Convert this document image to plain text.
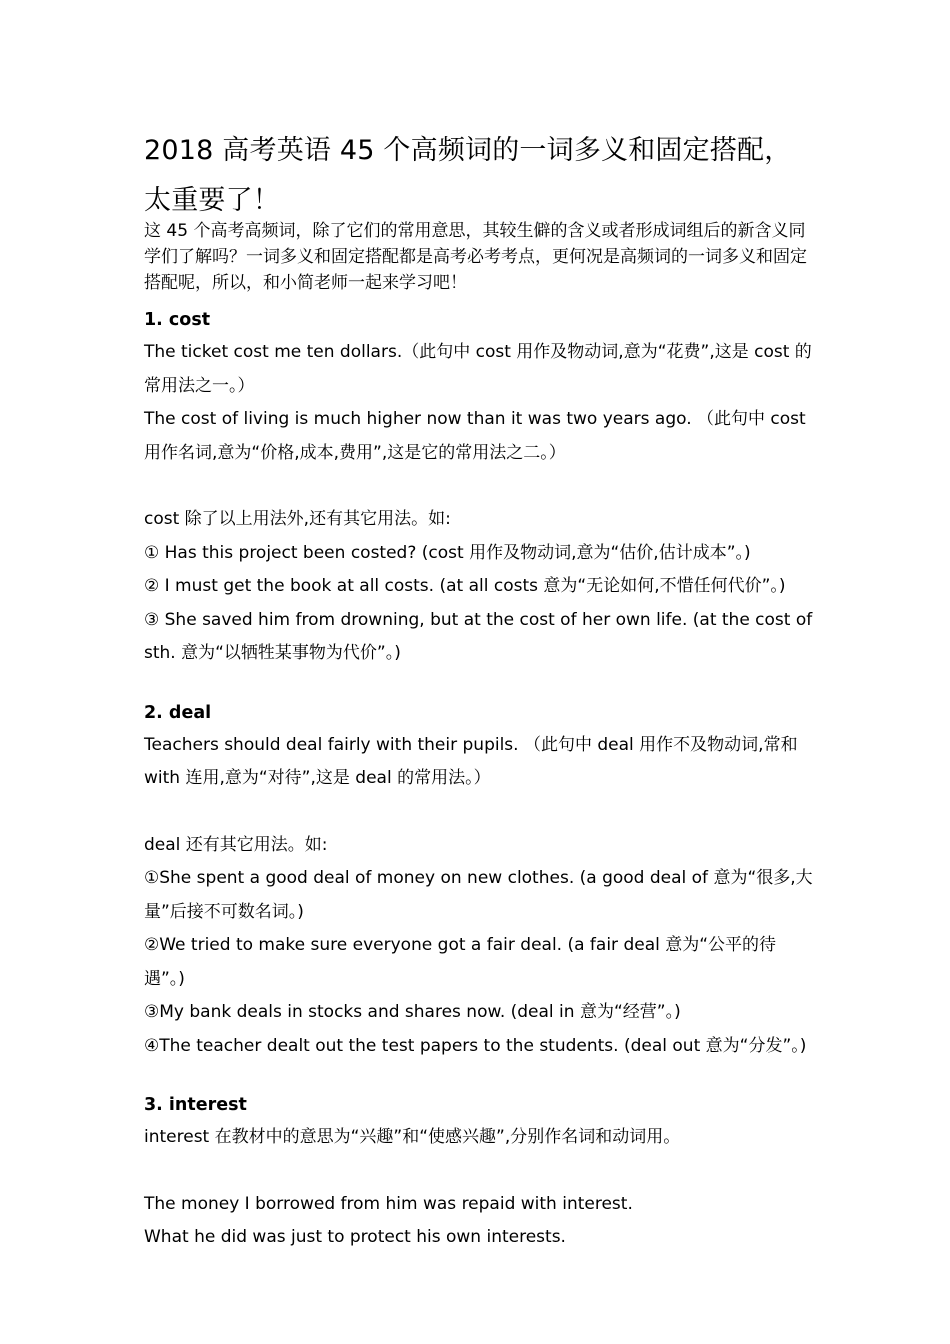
2018 高考英语 45 个高频词的一词多义和固定搭配，太重要了！

这 45 个高考高频词，除了它们的常用意思，其较生僻的含义或者形成词组后的新含义同学们了解吗？一词多义和固定搭配都是高考必考考点，更何况是高频词的一词多义和固定搭配呢，所以，和小简老师一起来学习吧！

1. cost

The ticket cost me ten dollars.（此句中 cost 用作及物动词,意为“花费”,这是 cost 的常用法之一。）

The cost of living is much higher now than it was two years ago. （此句中 cost 用作名词,意为“价格,成本,费用”,这是它的常用法之二。）

cost 除了以上用法外,还有其它用法。如:

① Has this project been costed? (cost 用作及物动词,意为“估价,估计成本”。)

② I must get the book at all costs. (at all costs 意为“无论如何,不惜任何代价”。)

③ She saved him from drowning, but at the cost of her own life. (at the cost of sth. 意为“以牺牲某事物为代价”。)

2. deal

Teachers should deal fairly with their pupils. （此句中 deal 用作不及物动词,常和 with 连用,意为“对待”,这是 deal 的常用法。）

deal 还有其它用法。如:

①She spent a good deal of money on new clothes. (a good deal of 意为“很多,大量”后接不可数名词。)

②We tried to make sure everyone got a fair deal. (a fair deal 意为“公平的待遇”。)

③My bank deals in stocks and shares now. (deal in 意为“经营”。)

④The teacher dealt out the test papers to the students. (deal out 意为“分发”。)

3. interest

interest 在教材中的意思为“兴趣”和“使感兴趣”,分别作名词和动词用。

The money I borrowed from him was repaid with interest.

What he did was just to protect his own interests.
